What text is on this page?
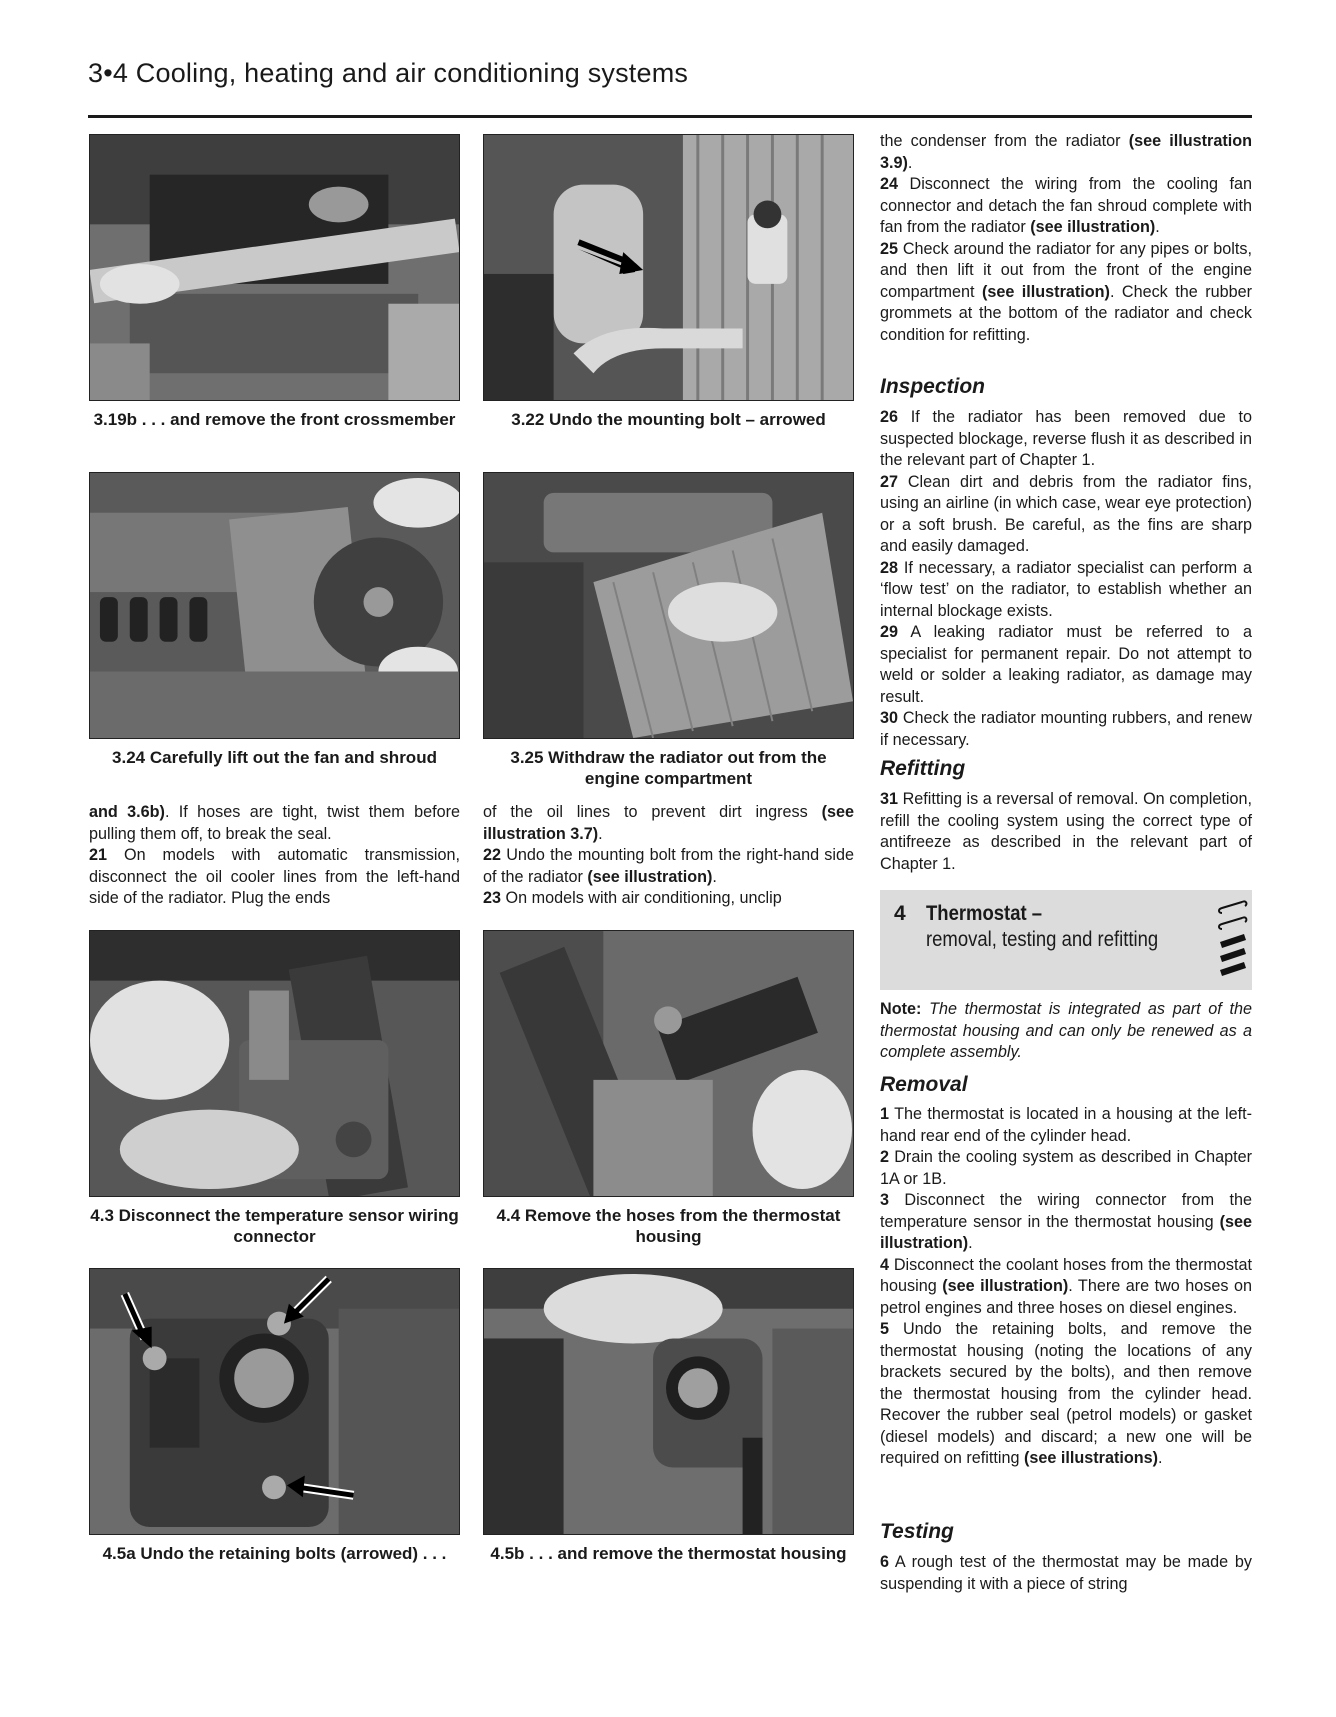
3•4 Cooling, heating and air conditioning systems
3.19b . . . and remove the front crossmember	3.22 Undo the mounting bolt – arrowed
3.24 Carefully lift out the fan and shroud	3.25 Withdraw the radiator out from the engine compartment

and 3.6b). If hoses are tight, twist them before pulling them off, to break the seal.

21 On models with automatic transmission, disconnect the oil cooler lines from the left-hand side of the radiator. Plug the ends

of the oil lines to prevent dirt ingress (see illustration 3.7).

22 Undo the mounting bolt from the right-hand side of the radiator (see illustration).

23 On models with air conditioning, unclip

4.3 Disconnect the temperature sensor wiring connector
4.4 Remove the hoses from the thermostat housing
4.5a Undo the retaining bolts (arrowed) . . .	4.5b . . . and remove the thermostat housing

the condenser from the radiator (see illustration 3.9).

24 Disconnect the wiring from the cooling fan connector and detach the fan shroud complete with fan from the radiator (see illustration).

25 Check around the radiator for any pipes or bolts, and then lift it out from the front of the engine compartment (see illustration). Check the rubber grommets at the bottom of the radiator and check condition for refitting.

Inspection

26 If the radiator has been removed due to suspected blockage, reverse flush it as described in the relevant part of Chapter 1.

27 Clean dirt and debris from the radiator fins, using an airline (in which case, wear eye protection) or a soft brush. Be careful, as the fins are sharp and easily damaged.

28 If necessary, a radiator specialist can perform a ‘flow test’ on the radiator, to establish whether an internal blockage exists.

29 A leaking radiator must be referred to a specialist for permanent repair. Do not attempt to weld or solder a leaking radiator, as damage may result.

30 Check the radiator mounting rubbers, and renew if necessary.

Refitting

31 Refitting is a reversal of removal. On completion, refill the cooling system using the correct type of antifreeze as described in the relevant part of Chapter 1.

4 Thermostat –
removal, testing and refitting

Note: The thermostat is integrated as part of the thermostat housing and can only be renewed as a complete assembly.

Removal

1 The thermostat is located in a housing at the left-hand rear end of the cylinder head.

2 Drain the cooling system as described in Chapter 1A or 1B.

3 Disconnect the wiring connector from the temperature sensor in the thermostat housing (see illustration).

4 Disconnect the coolant hoses from the thermostat housing (see illustration). There are two hoses on petrol engines and three hoses on diesel engines.

5 Undo the retaining bolts, and remove the thermostat housing (noting the locations of any brackets secured by the bolts), and then remove the thermostat housing from the cylinder head. Recover the rubber seal (petrol models) or gasket (diesel models) and discard; a new one will be required on refitting (see illustrations).

Testing

6 A rough test of the thermostat may be made by suspending it with a piece of string
